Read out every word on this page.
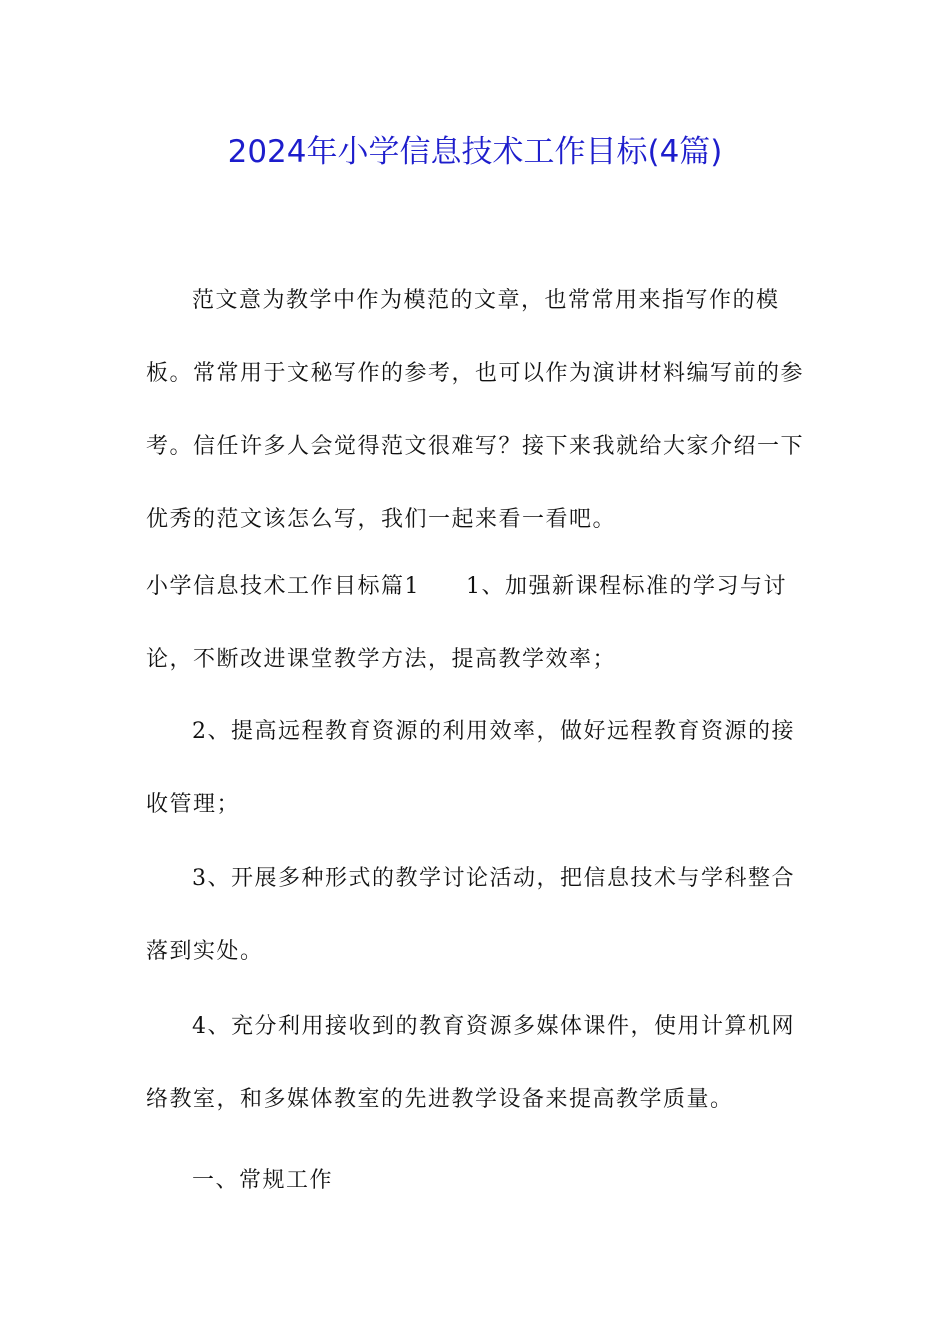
2024年小学信息技术工作目标(4篇)
范文意为教学中作为模范的文章，也常常用来指写作的模板。常常用于文秘写作的参考，也可以作为演讲材料编写前的参考。信任许多人会觉得范文很难写？接下来我就给大家介绍一下优秀的范文该怎么写，我们一起来看一看吧。
小学信息技术工作目标篇1 1、加强新课程标准的学习与讨论，不断改进课堂教学方法，提高教学效率；
2、提高远程教育资源的利用效率，做好远程教育资源的接收管理；
3、开展多种形式的教学讨论活动，把信息技术与学科整合落到实处。
4、充分利用接收到的教育资源多媒体课件，使用计算机网络教室，和多媒体教室的先进教学设备来提高教学质量。
一、常规工作
